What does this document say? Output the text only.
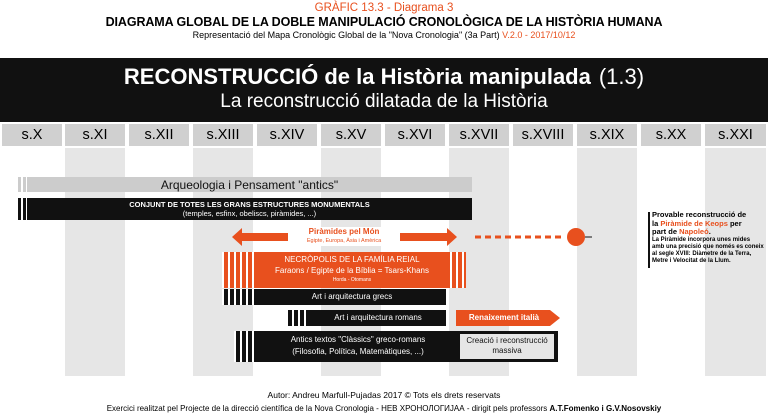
GRÀFIC 13.3 - Diagrama 3
DIAGRAMA GLOBAL DE LA DOBLE MANIPULACIÓ CRONOLÒGICA DE LA HISTÒRIA HUMANA
Representació del Mapa Cronològic Global de la "Nova Cronologia" (3a Part) V.2.0 - 2017/10/12
RECONSTRUCCIÓ de la Història manipulada (1.3)
La reconstrucció dilatada de la Història
s.X	s.XI	s.XII	s.XIII	s.XIV	s.XV	s.XVI	s.XVII	s.XVIII	s.XIX	s.XX	s.XXI
Arqueologia i Pensament "antics"
CONJUNT DE TOTES LES GRANS ESTRUCTURES MONUMENTALS
(temples, esfinx, obeliscs, piràmides, ...)
Piràmides pel Món
Egipte, Europa, Àsia i Amèrica
NECRÒPOLIS DE LA FAMÍLIA REIAL
Faraons / Egipte de la Bíblia = Tsars-Khans
Horda - Otomans
Art i arquitectura grecs
Art i arquitectura romans	Renaixement italià
Antics textos "Clàssics" greco-romans
(Filosofia, Política, Matemàtiques, ...)
Creació i reconstrucció
massiva
Provable reconstrucció de
la Piràmide de Keops per
part de Napoleó.
La Piràmide incorpora unes mides amb una precisió que només es coneix al segle XVIII: Diàmetre de la Terra, Metre i Velocitat de la Llum.
Autor: Andreu Marfull-Pujadas 2017 © Tots els drets reservats
Exercici realitzat pel Projecte de la direcció científica de la Nova Cronologia - НЕВ ХРОНОЛОГИЈАА - dirigit pels professors A.T.Fomenko i G.V.Nosovskiy
